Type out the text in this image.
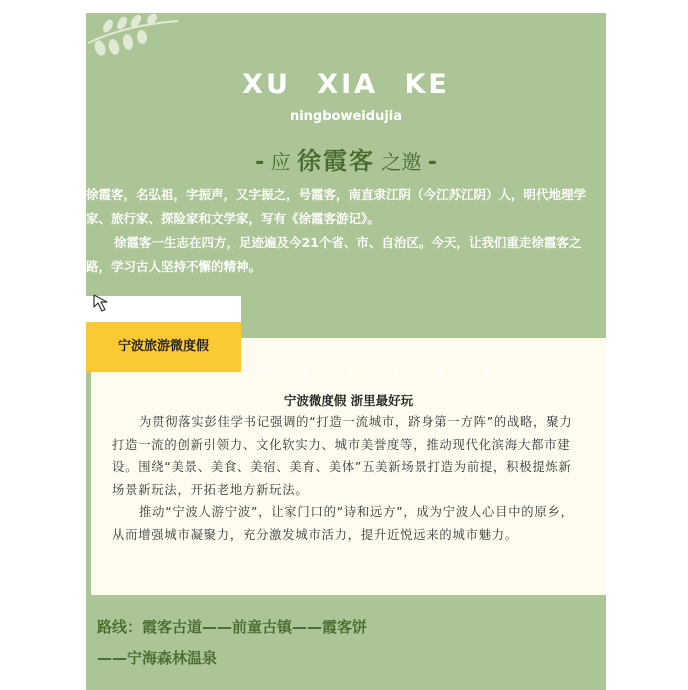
XU XIA KE
ningboweidujia
- 应 徐霞客 之邀 -

徐霞客，名弘祖，字振声，又字振之，号霞客，南直隶江阴（今江苏江阴）人，明代地理学家、旅行家、探险家和文学家，写有《徐霞客游记》。

徐霞客一生志在四方，足迹遍及今21个省、市、自治区。今天，让我们重走徐霞客之路，学习古人坚持不懈的精神。

宁波微度假 浙里最好玩

为贯彻落实彭佳学书记强调的“打造一流城市，跻身第一方阵”的战略，聚力打造一流的创新引领力、文化软实力、城市美誉度等，推动现代化滨海大都市建设。围绕“美景、美食、美宿、美育、美体”五美新场景打造为前提，积极提炼新场景新玩法，开拓老地方新玩法。

推动“宁波人游宁波”，让家门口的“诗和远方”，成为宁波人心目中的原乡，从而增强城市凝聚力，充分激发城市活力，提升近悦远来的城市魅力。

宁波旅游微度假
路线：霞客古道——前童古镇——霞客饼
——宁海森林温泉
